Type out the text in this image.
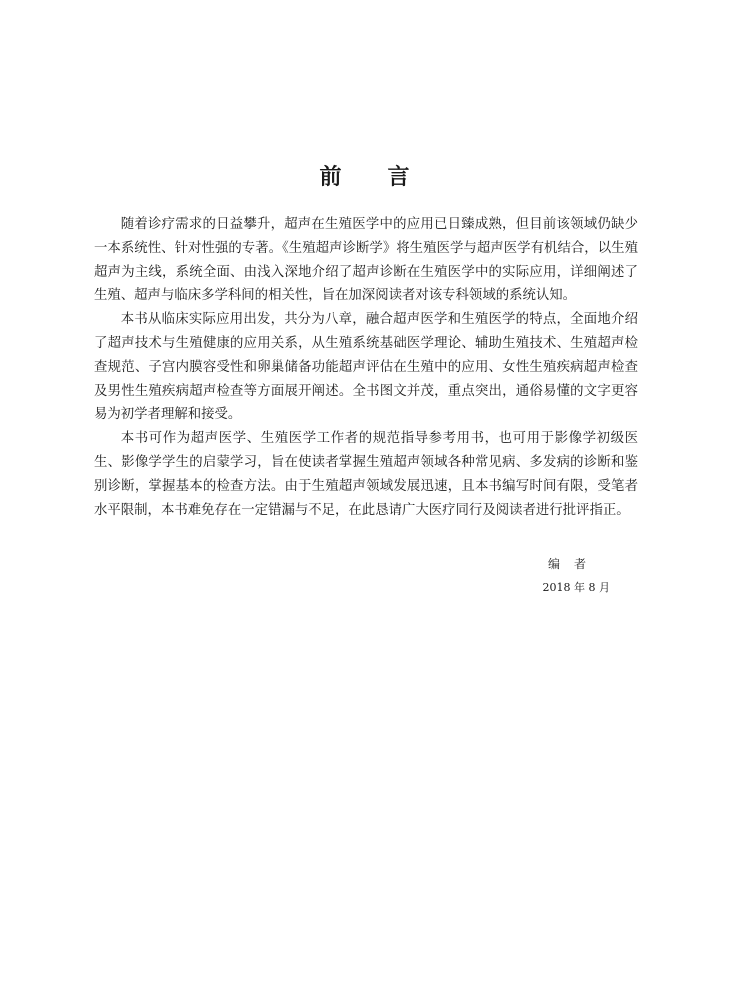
前 言

随着诊疗需求的日益攀升，超声在生殖医学中的应用已日臻成熟，但目前该领域仍缺少一本系统性、针对性强的专著。《生殖超声诊断学》将生殖医学与超声医学有机结合，以生殖超声为主线，系统全面、由浅入深地介绍了超声诊断在生殖医学中的实际应用，详细阐述了生殖、超声与临床多学科间的相关性，旨在加深阅读者对该专科领域的系统认知。

本书从临床实际应用出发，共分为八章，融合超声医学和生殖医学的特点，全面地介绍了超声技术与生殖健康的应用关系，从生殖系统基础医学理论、辅助生殖技术、生殖超声检查规范、子宫内膜容受性和卵巢储备功能超声评估在生殖中的应用、女性生殖疾病超声检查及男性生殖疾病超声检查等方面展开阐述。全书图文并茂，重点突出，通俗易懂的文字更容易为初学者理解和接受。

本书可作为超声医学、生殖医学工作者的规范指导参考用书，也可用于影像学初级医生、影像学学生的启蒙学习，旨在使读者掌握生殖超声领域各种常见病、多发病的诊断和鉴别诊断，掌握基本的检查方法。由于生殖超声领域发展迅速，且本书编写时间有限，受笔者水平限制，本书难免存在一定错漏与不足，在此恳请广大医疗同行及阅读者进行批评指正。

编者
2018 年 8 月
